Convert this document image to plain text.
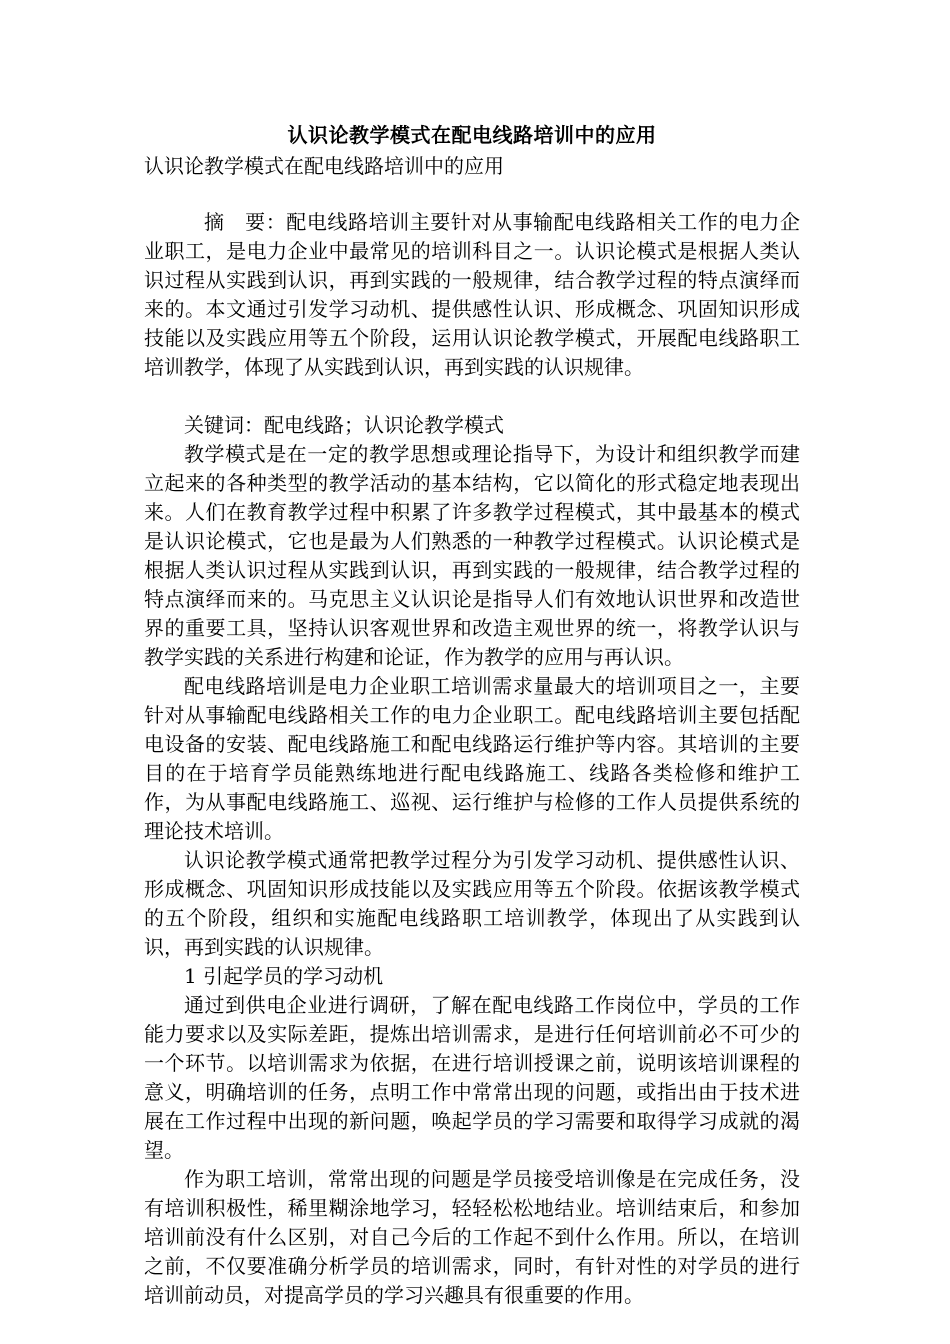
认识论教学模式在配电线路培训中的应用

认识论教学模式在配电线路培训中的应用

摘　要：配电线路培训主要针对从事输配电线路相关工作的电力企业职工，是电力企业中最常见的培训科目之一。认识论模式是根据人类认识过程从实践到认识，再到实践的一般规律，结合教学过程的特点演绎而来的。本文通过引发学习动机、提供感性认识、形成概念、巩固知识形成技能以及实践应用等五个阶段，运用认识论教学模式，开展配电线路职工培训教学，体现了从实践到认识，再到实践的认识规律。

关键词：配电线路；认识论教学模式

教学模式是在一定的教学思想或理论指导下，为设计和组织教学而建立起来的各种类型的教学活动的基本结构，它以简化的形式稳定地表现出来。人们在教育教学过程中积累了许多教学过程模式，其中最基本的模式是认识论模式，它也是最为人们熟悉的一种教学过程模式。认识论模式是根据人类认识过程从实践到认识，再到实践的一般规律，结合教学过程的特点演绎而来的。马克思主义认识论是指导人们有效地认识世界和改造世界的重要工具，坚持认识客观世界和改造主观世界的统一，将教学认识与教学实践的关系进行构建和论证，作为教学的应用与再认识。

配电线路培训是电力企业职工培训需求量最大的培训项目之一，主要针对从事输配电线路相关工作的电力企业职工。配电线路培训主要包括配电设备的安装、配电线路施工和配电线路运行维护等内容。其培训的主要目的在于培育学员能熟练地进行配电线路施工、线路各类检修和维护工作，为从事配电线路施工、巡视、运行维护与检修的工作人员提供系统的理论技术培训。

认识论教学模式通常把教学过程分为引发学习动机、提供感性认识、形成概念、巩固知识形成技能以及实践应用等五个阶段。依据该教学模式的五个阶段，组织和实施配电线路职工培训教学，体现出了从实践到认识，再到实践的认识规律。

1 引起学员的学习动机

通过到供电企业进行调研，了解在配电线路工作岗位中，学员的工作能力要求以及实际差距，提炼出培训需求，是进行任何培训前必不可少的一个环节。以培训需求为依据，在进行培训授课之前，说明该培训课程的意义，明确培训的任务，点明工作中常常出现的问题，或指出由于技术进展在工作过程中出现的新问题，唤起学员的学习需要和取得学习成就的渴望。

作为职工培训，常常出现的问题是学员接受培训像是在完成任务，没有培训积极性，稀里糊涂地学习，轻轻松松地结业。培训结束后，和参加培训前没有什么区别，对自己今后的工作起不到什么作用。所以，在培训之前，不仅要准确分析学员的培训需求，同时，有针对性的对学员的进行培训前动员，对提高学员的学习兴趣具有很重要的作用。
